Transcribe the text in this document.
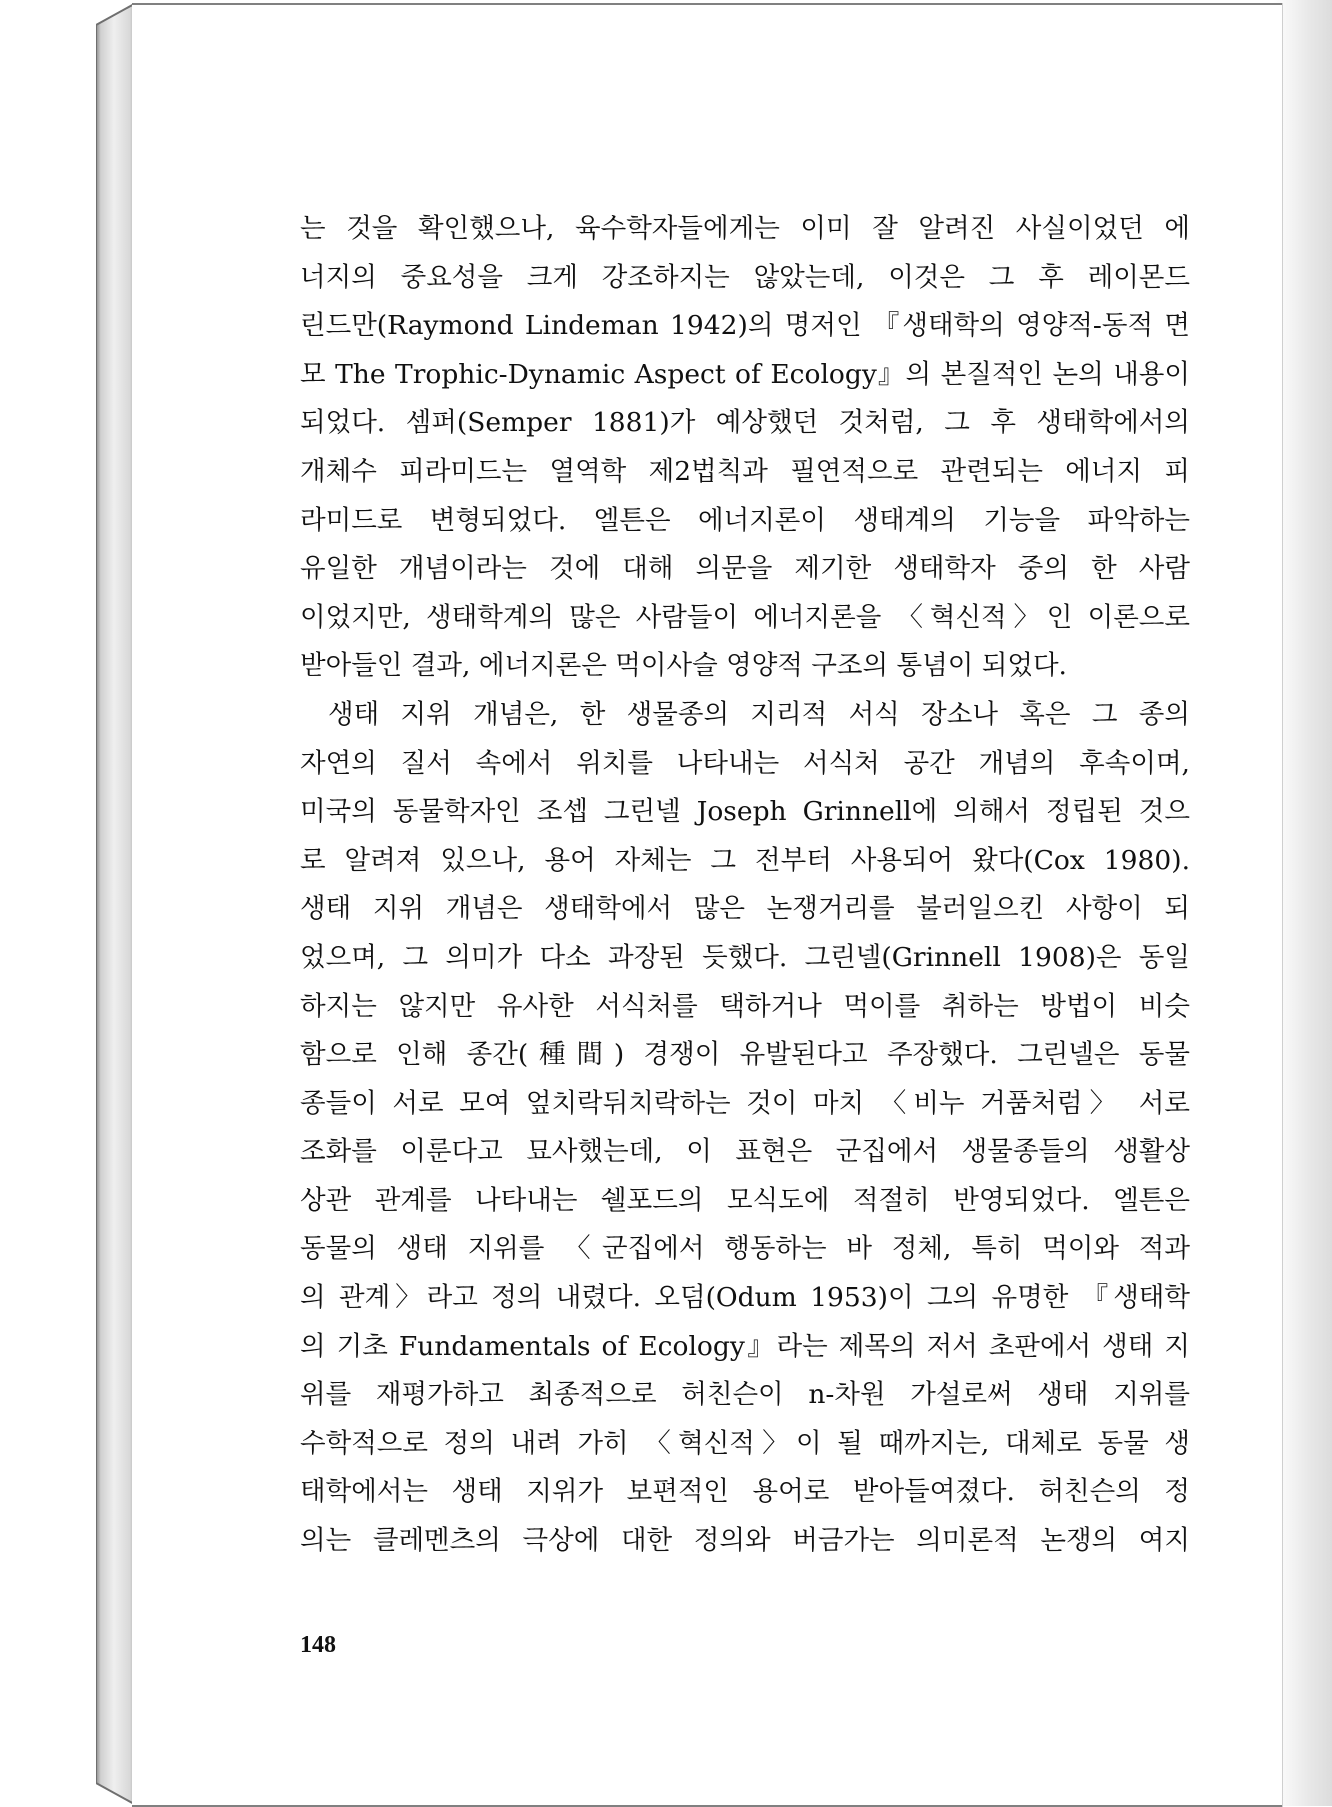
는 것을 확인했으나, 육수학자들에게는 이미 잘 알려진 사실이었던 에
너지의 중요성을 크게 강조하지는 않았는데, 이것은 그 후 레이몬드
린드만(Raymond Lindeman 1942)의 명저인 『생태학의 영양적-동적 면
모 The Trophic-Dynamic Aspect of Ecology』의 본질적인 논의 내용이
되었다. 셈퍼(Semper 1881)가 예상했던 것처럼, 그 후 생태학에서의
개체수 피라미드는 열역학 제2법칙과 필연적으로 관련되는 에너지 피
라미드로 변형되었다. 엘튼은 에너지론이 생태계의 기능을 파악하는
유일한 개념이라는 것에 대해 의문을 제기한 생태학자 중의 한 사람
이었지만, 생태학계의 많은 사람들이 에너지론을 〈혁신적〉인 이론으로
받아들인 결과, 에너지론은 먹이사슬 영양적 구조의 통념이 되었다.
생태 지위 개념은, 한 생물종의 지리적 서식 장소나 혹은 그 종의
자연의 질서 속에서 위치를 나타내는 서식처 공간 개념의 후속이며,
미국의 동물학자인 조셉 그린넬 Joseph Grinnell에 의해서 정립된 것으
로 알려져 있으나, 용어 자체는 그 전부터 사용되어 왔다(Cox 1980).
생태 지위 개념은 생태학에서 많은 논쟁거리를 불러일으킨 사항이 되
었으며, 그 의미가 다소 과장된 듯했다. 그린넬(Grinnell 1908)은 동일
하지는 않지만 유사한 서식처를 택하거나 먹이를 취하는 방법이 비슷
함으로 인해 종간(種間) 경쟁이 유발된다고 주장했다. 그린넬은 동물
종들이 서로 모여 엎치락뒤치락하는 것이 마치 〈비누 거품처럼〉 서로
조화를 이룬다고 묘사했는데, 이 표현은 군집에서 생물종들의 생활상
상관 관계를 나타내는 쉘포드의 모식도에 적절히 반영되었다. 엘튼은
동물의 생태 지위를 〈군집에서 행동하는 바 정체, 특히 먹이와 적과
의 관계〉라고 정의 내렸다. 오덤(Odum 1953)이 그의 유명한 『생태학
의 기초 Fundamentals of Ecology』라는 제목의 저서 초판에서 생태 지
위를 재평가하고 최종적으로 허친슨이 n-차원 가설로써 생태 지위를
수학적으로 정의 내려 가히 〈혁신적〉이 될 때까지는, 대체로 동물 생
태학에서는 생태 지위가 보편적인 용어로 받아들여졌다. 허친슨의 정
의는 클레멘츠의 극상에 대한 정의와 버금가는 의미론적 논쟁의 여지
148
